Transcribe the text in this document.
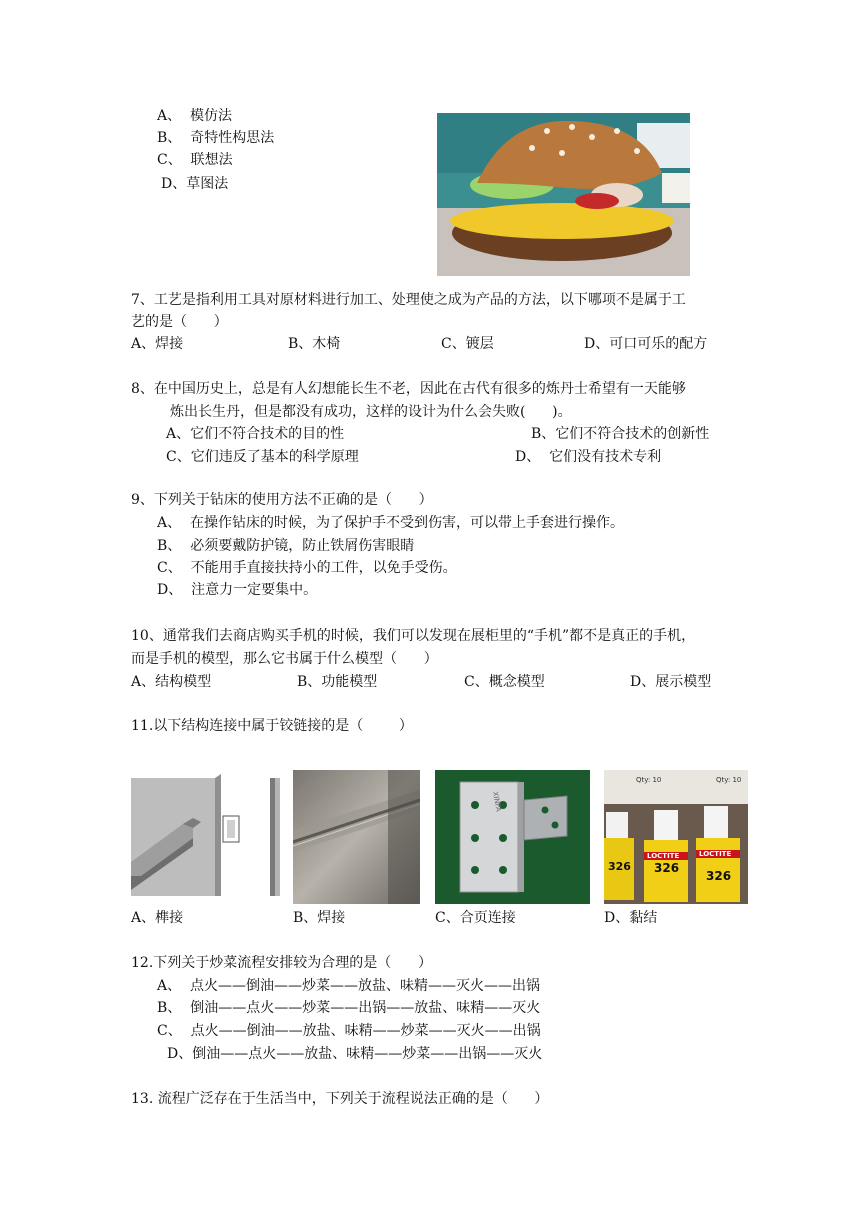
A、  模仿法
B、  奇特性构思法
C、  联想法
D、草图法
7、工艺是指利用工具对原材料进行加工、处理使之成为产品的方法，以下哪项不是属于工
艺的是（      ）
A、焊接	B、木椅	C、镀层	D、可口可乐的配方
8、在中国历史上，总是有人幻想能长生不老，因此在古代有很多的炼丹士希望有一天能够
炼出长生丹，但是都没有成功，这样的设计为什么会失败(      )。
A、它们不符合技术的目的性	B、它们不符合技术的创新性
C、它们违反了基本的科学原理	D、  它们没有技术专利
9、下列关于钻床的使用方法不正确的是（      ）
A、  在操作钻床的时候，为了保护手不受到伤害，可以带上手套进行操作。
B、  必须要戴防护镜，防止铁屑伤害眼睛
C、  不能用手直接扶持小的工件，以免手受伤。
D、  注意力一定要集中。
10、通常我们去商店购买手机的时候，我们可以发现在展柜里的“手机”都不是真正的手机，
而是手机的模型，那么它书属于什么模型（      ）
A、结构模型	B、功能模型	C、概念模型	D、展示模型
11.以下结构连接中属于铰链接的是（        ）
XINFA
Qty: 10	Qty: 10
LOCTITE	LOCTITE
326 326
326
A、榫接	B、焊接	C、合页连接	D、黏结
12.下列关于炒菜流程安排较为合理的是（      ）
A、  点火——倒油——炒菜——放盐、味精——灭火——出锅
B、  倒油——点火——炒菜——出锅——放盐、味精——灭火
C、  点火——倒油——放盐、味精——炒菜——灭火——出锅
D、倒油——点火——放盐、味精——炒菜——出锅——灭火
13. 流程广泛存在于生活当中，下列关于流程说法正确的是（      ）
